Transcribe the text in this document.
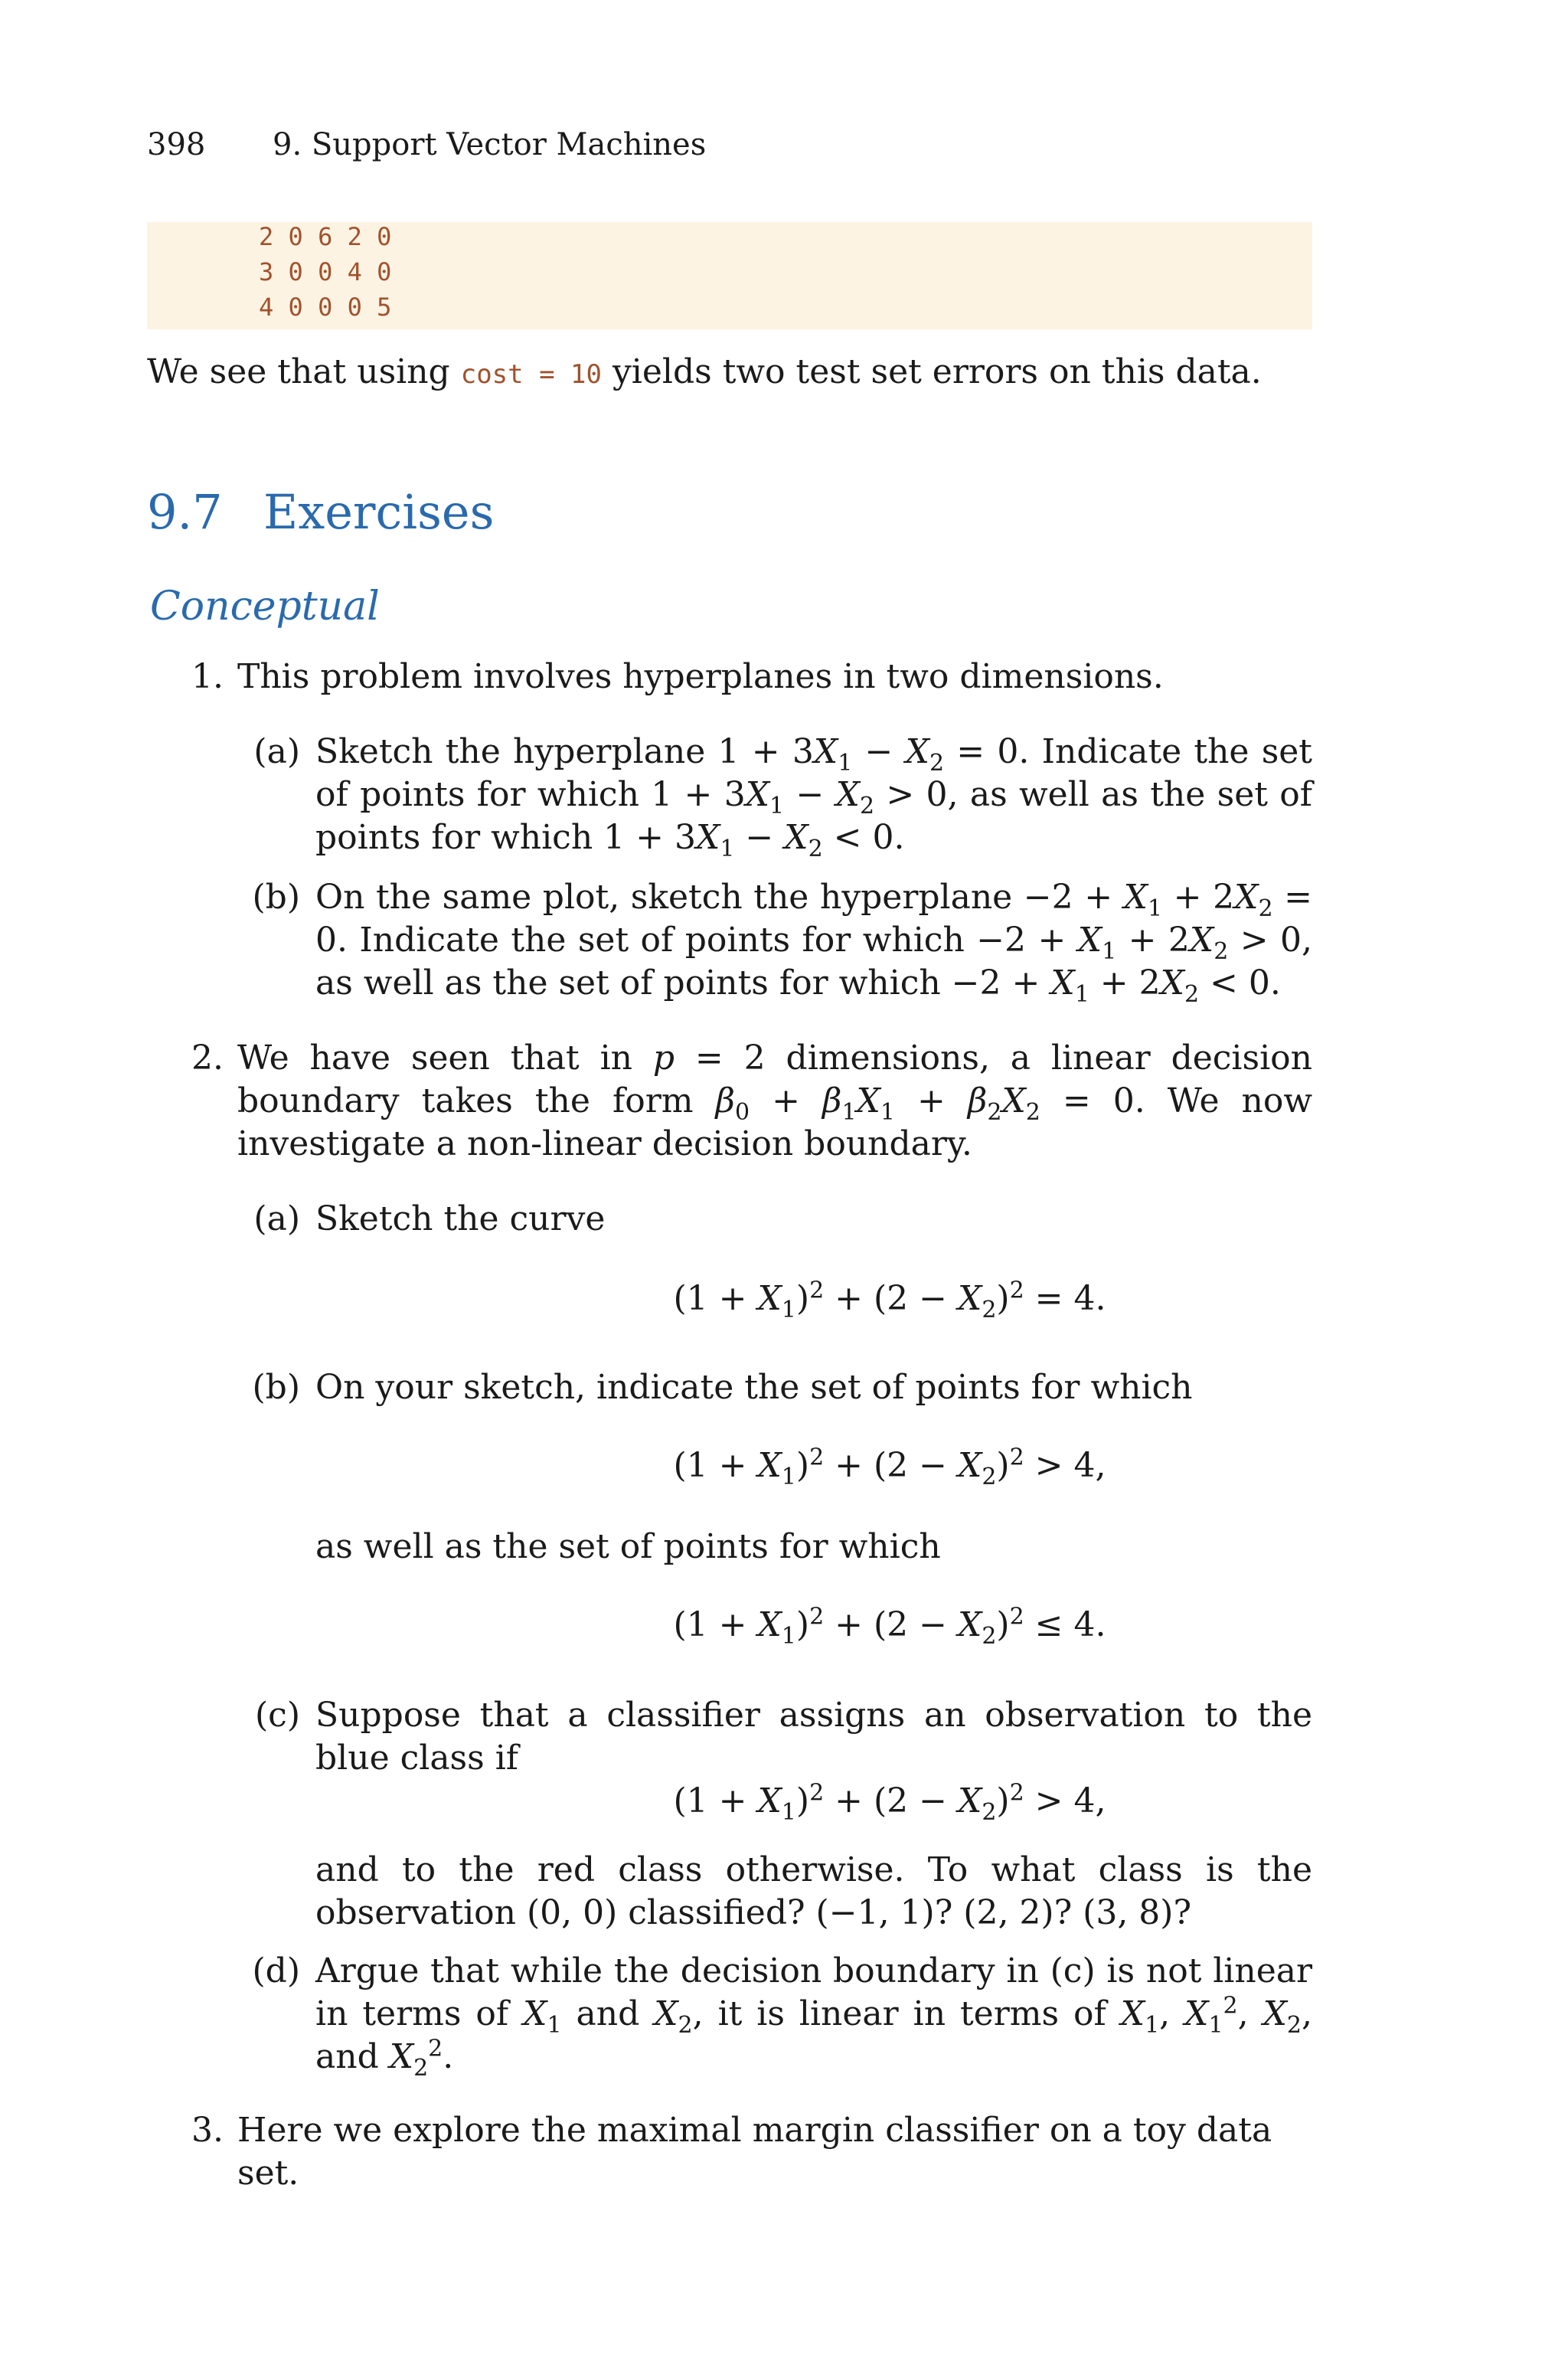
398 9. Support Vector Machines
2 0 6 2 0
3 0 0 4 0
4 0 0 0 5
We see that using cost = 10 yields two test set errors on this data.
9.7 Exercises
Conceptual
1. This problem involves hyperplanes in two dimensions.
(a) Sketch the hyperplane $1 + 3X_1 - X_2 = 0$. Indicate the set of points for which $1 + 3X_1 - X_2 > 0$, as well as the set of points for which $1 + 3X_1 - X_2 < 0$.
(b) On the same plot, sketch the hyperplane $-2 + X_1 + 2X_2 = 0$. Indicate the set of points for which $-2 + X_1 + 2X_2 > 0$, as well as the set of points for which $-2 + X_1 + 2X_2 < 0$.
2. We have seen that in p = 2 dimensions, a linear decision boundary takes the form $\beta_0 + \beta_1X_1 + \beta_2X_2 = 0$. We now investigate a non-linear decision boundary.
(a) Sketch the curve
$(1 + X_1)^2 + (2 - X_2)^2 = 4$.
(b) On your sketch, indicate the set of points for which
$(1 + X_1)^2 + (2 - X_2)^2 > 4$,
as well as the set of points for which
$(1 + X_1)^2 + (2 - X_2)^2 \le 4$.
(c) Suppose that a classifier assigns an observation to the blue class if
$(1 + X_1)^2 + (2 - X_2)^2 > 4$,
and to the red class otherwise. To what class is the observation (0, 0) classified? (−1, 1)? (2, 2)? (3, 8)?
(d) Argue that while the decision boundary in (c) is not linear in terms of $X_1$ and $X_2$, it is linear in terms of $X_1$, $X_1^2$, $X_2$, and $X_2^2$.
3. Here we explore the maximal margin classifier on a toy data set.
